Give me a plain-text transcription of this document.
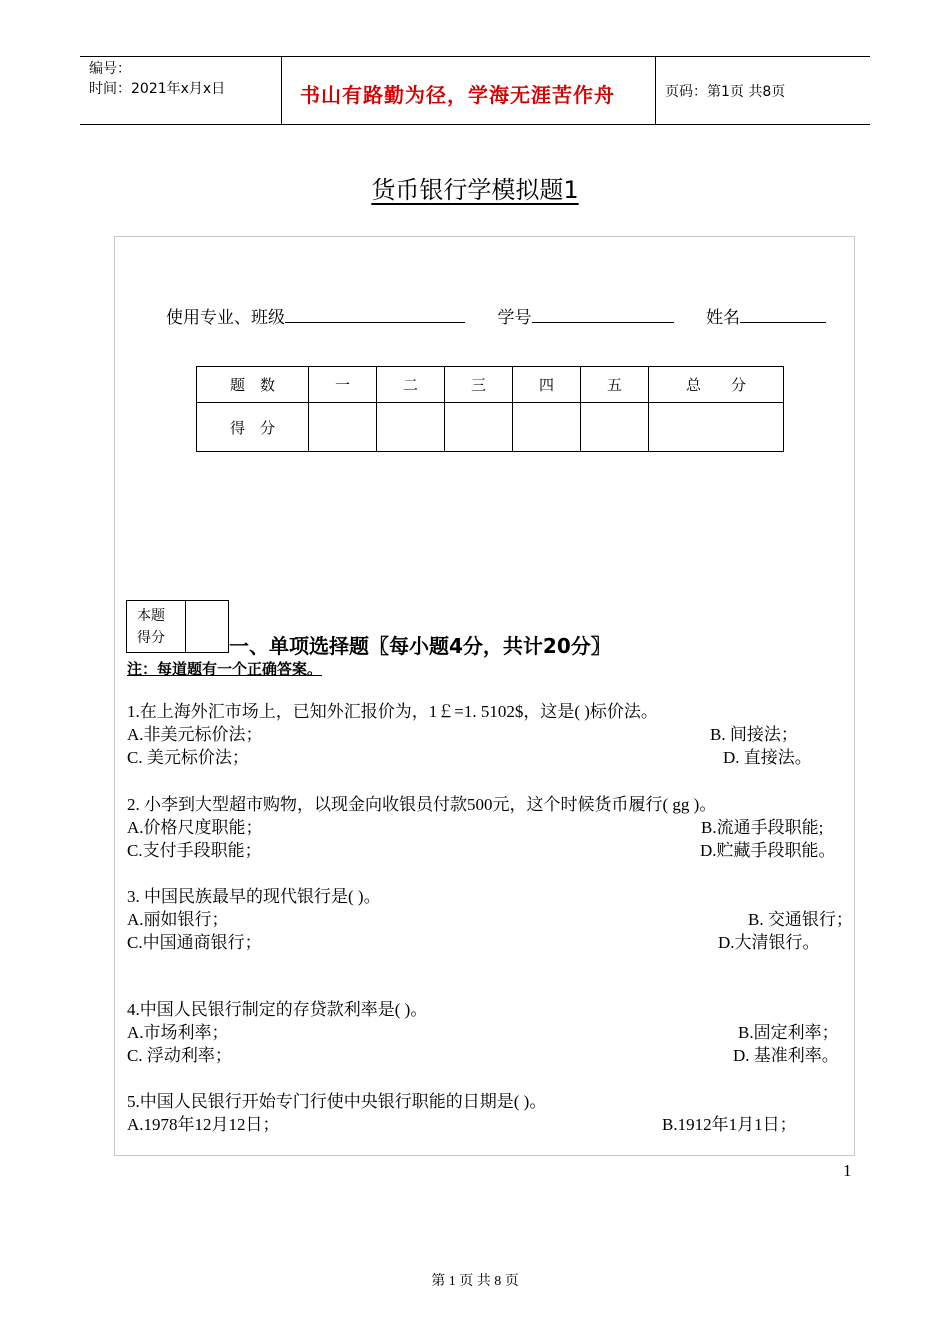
编号：
时间：2021年x月x日	书山有路勤为径，学海无涯苦作舟	页码：第1页 共8页
货币银行学模拟题1
使用专业、班级	学号	姓名
题　数	一	二	三	四	五	总　　分
得　分						
本题
得分	一、单项选择题〖每小题4分，共计20分〗
注：每道题有一个正确答案。
1.在上海外汇市场上，已知外汇报价为，1￡=1. 5102$，这是( )标价法。
A.非美元标价法；	B. 间接法；
C. 美元标价法；	D. 直接法。
2. 小李到大型超市购物，以现金向收银员付款500元，这个时候货币履行( gg )。
A.价格尺度职能；	B.流通手段职能;
C.支付手段职能；	D.贮藏手段职能。
3. 中国民族最早的现代银行是( )。
A.丽如银行；	B. 交通银行；
C.中国通商银行；	D.大清银行。
4.中国人民银行制定的存贷款利率是( )。
A.市场利率；	B.固定利率；
C. 浮动利率；	D. 基准利率。
5.中国人民银行开始专门行使中央银行职能的日期是( )。
A.1978年12月12日；	B.1912年1月1日；
1
第 1 页 共 8 页
